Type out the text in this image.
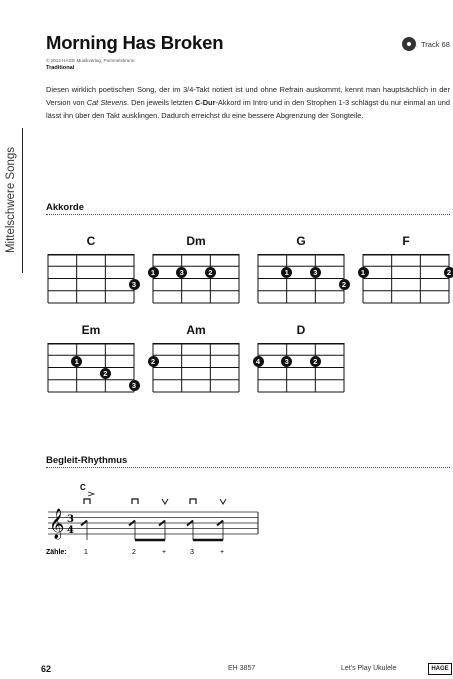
Mittelschwere Songs
Morning Has Broken
© 2012 HAGE Musikverlag, Pommelsbrunn
Traditional
Track 68
Diesen wirklich poetischen Song, der im 3/4-Takt notiert ist und ohne Refrain auskommt, kennt man hauptsächlich in der Version von Cat Stevens. Den jeweils letzten C-Dur-Akkord im Intro und in den Strophen 1-3 schlägst du nur einmal an und lässt ihn über den Takt ausklingen. Dadurch erreichst du eine bessere Abgrenzung der Songteile.
Akkorde
C
3
Dm
1	3	2
G
1	3
2
F
1	2
Em
1
2
3
Am
2
D
4	3	2
Begleit-Rhythmus
𝄞 3
4
C
Zähle: 1	2	+	3	+
62	EH 3857	Let's Play Ukulele	HAGE
